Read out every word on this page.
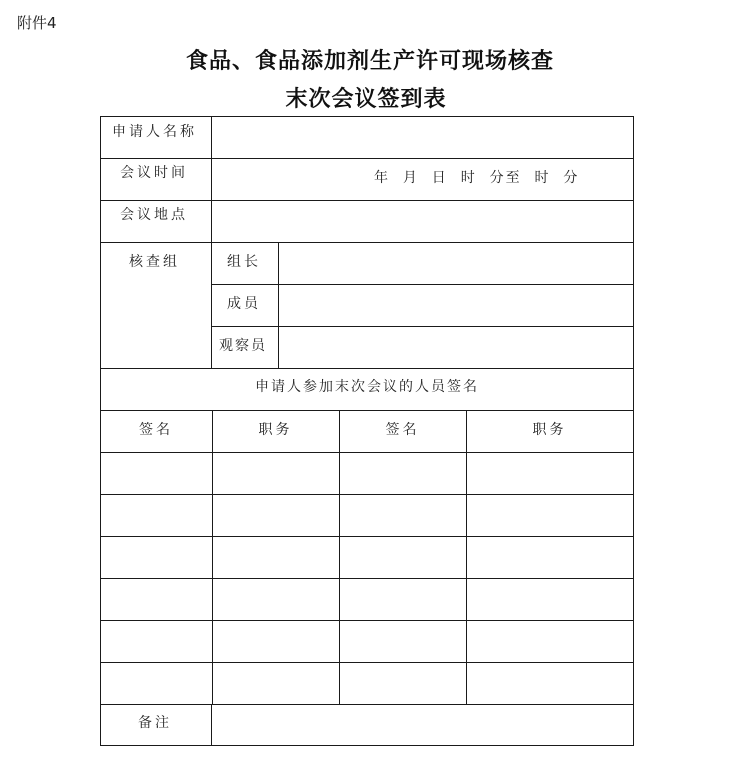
附件4
食品、食品添加剂生产许可现场核查
末次会议签到表
申请人名称
会议时间	年  月  日  时  分至  时  分
会议地点
核查组	组长
成员
观察员
申请人参加末次会议的人员签名
签名	职务	签名	职务
备注
